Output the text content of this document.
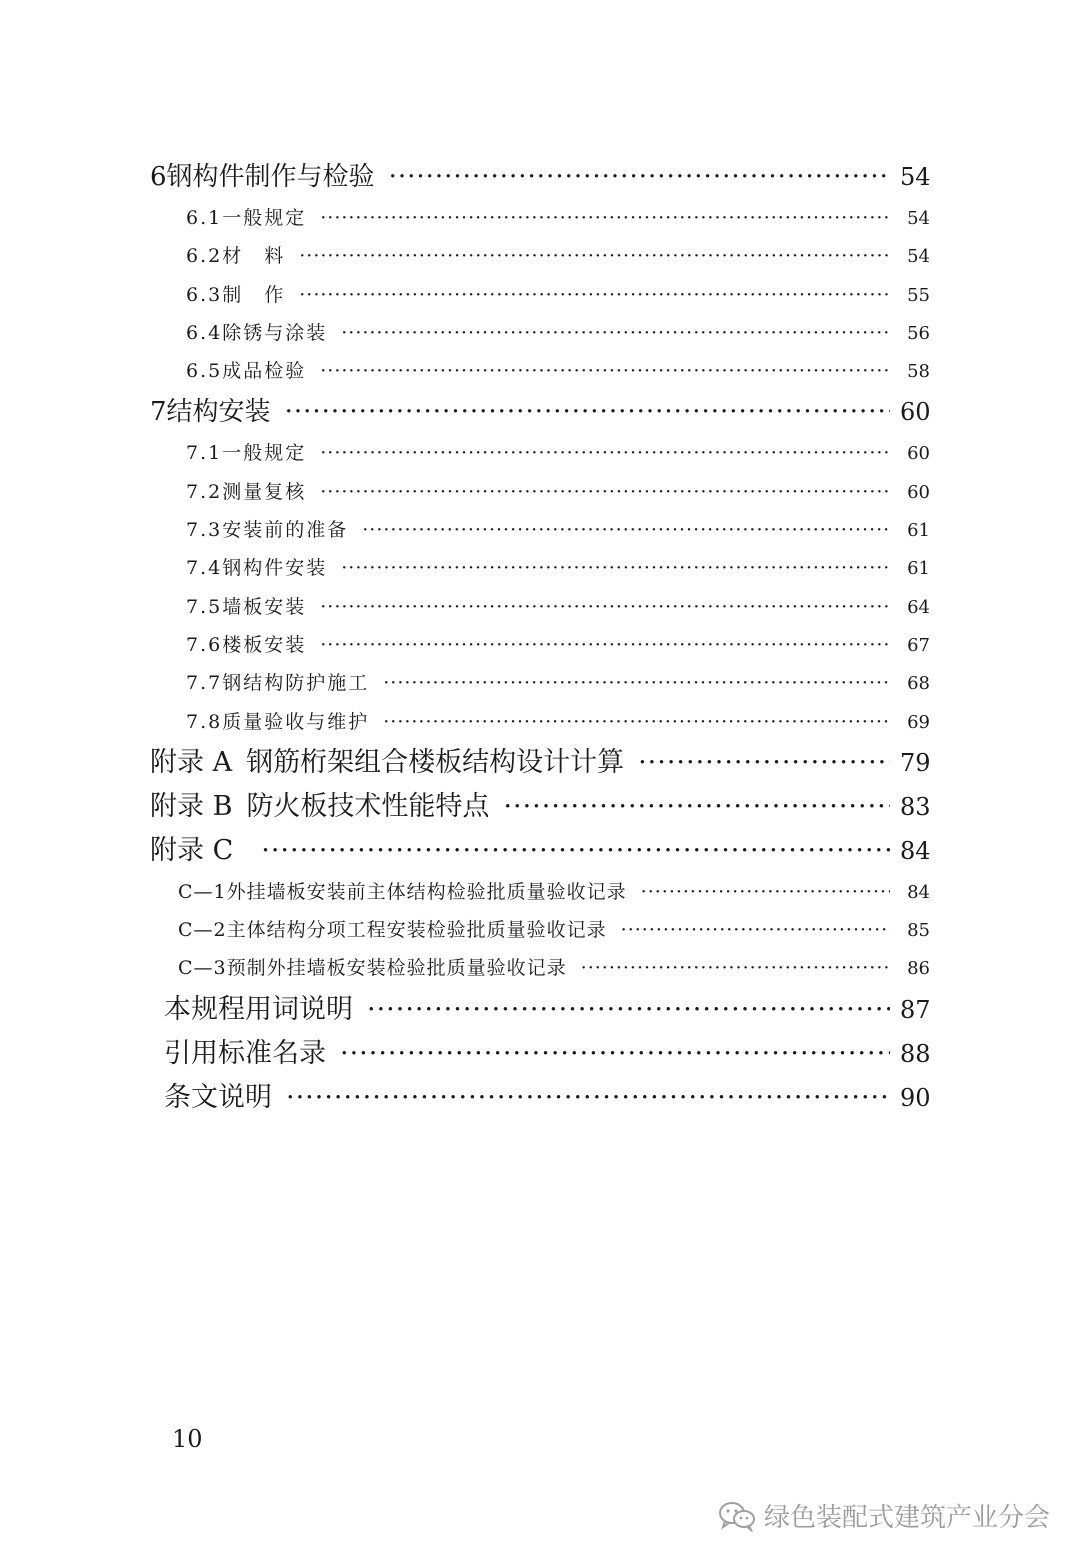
6 钢构件制作与检验 ·····	54
6.1 一般规定 ·····	54
6.2 材　料 ·····	54
6.3 制　作 ·····	55
6.4 除锈与涂装 ·····	56
6.5 成品检验 ·····	58
7 结构安装 ·····	60
7.1 一般规定 ·····	60
7.2 测量复核 ·····	60
7.3 安装前的准备 ·····	61
7.4 钢构件安装 ·····	61
7.5 墙板安装 ·····	64
7.6 楼板安装 ·····	67
7.7 钢结构防护施工 ·····	68
7.8 质量验收与维护 ·····	69
附录 A 钢筋桁架组合楼板结构设计计算 ·····	79
附录 B 防火板技术性能特点 ·····	83
附录 C ·····	84
C—1 外挂墙板安装前主体结构检验批质量验收记录 ·····	84
C—2 主体结构分项工程安装检验批质量验收记录 ·····	85
C—3 预制外挂墙板安装检验批质量验收记录 ·····	86
本规程用词说明 ·····	87
引用标准名录 ·····	88
条文说明 ·····	90
10
绿色装配式建筑产业分会
